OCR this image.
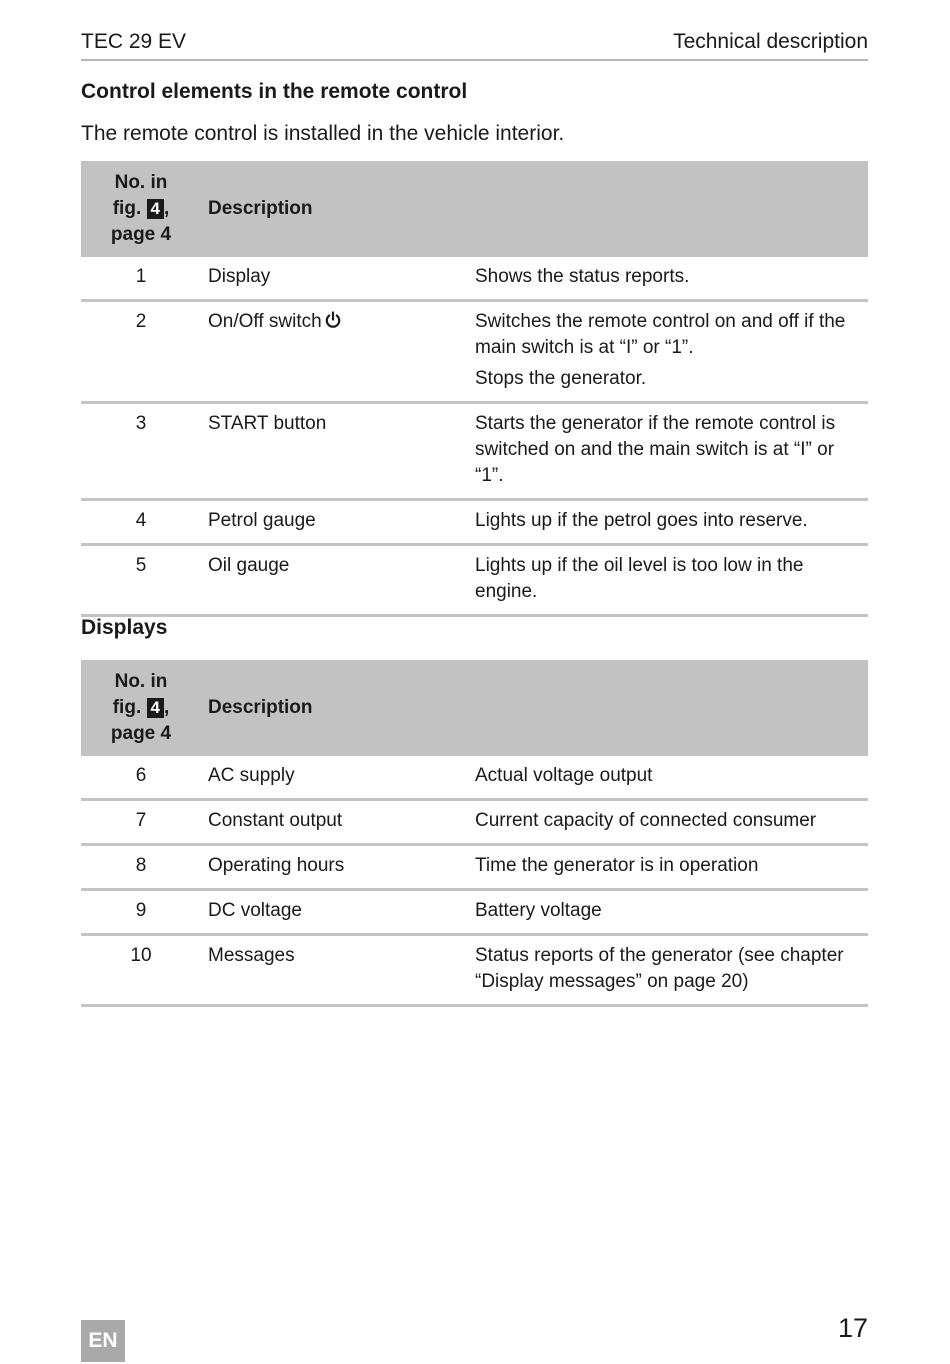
TEC 29 EV	Technical description
Control elements in the remote control

The remote control is installed in the vehicle interior.

No. in
fig. 4 ,
page 4	Description	
1	Display	Shows the status reports.
2	On/Off switch	Switches the remote control on and off if the main switch is at “I” or “1”.

Stops the generator.

3	START button	Starts the generator if the remote control is switched on and the main switch is at “I” or “1”.
4	Petrol gauge	Lights up if the petrol goes into reserve.
5	Oil gauge	Lights up if the oil level is too low in the engine.
Displays
No. in
fig. 4 ,
page 4	Description	
6	AC supply	Actual voltage output
7	Constant output	Current capacity of connected consumer
8	Operating hours	Time the generator is in operation
9	DC voltage	Battery voltage
10	Messages	Status reports of the generator (see chapter “Display messages” on page 20)
EN	17
